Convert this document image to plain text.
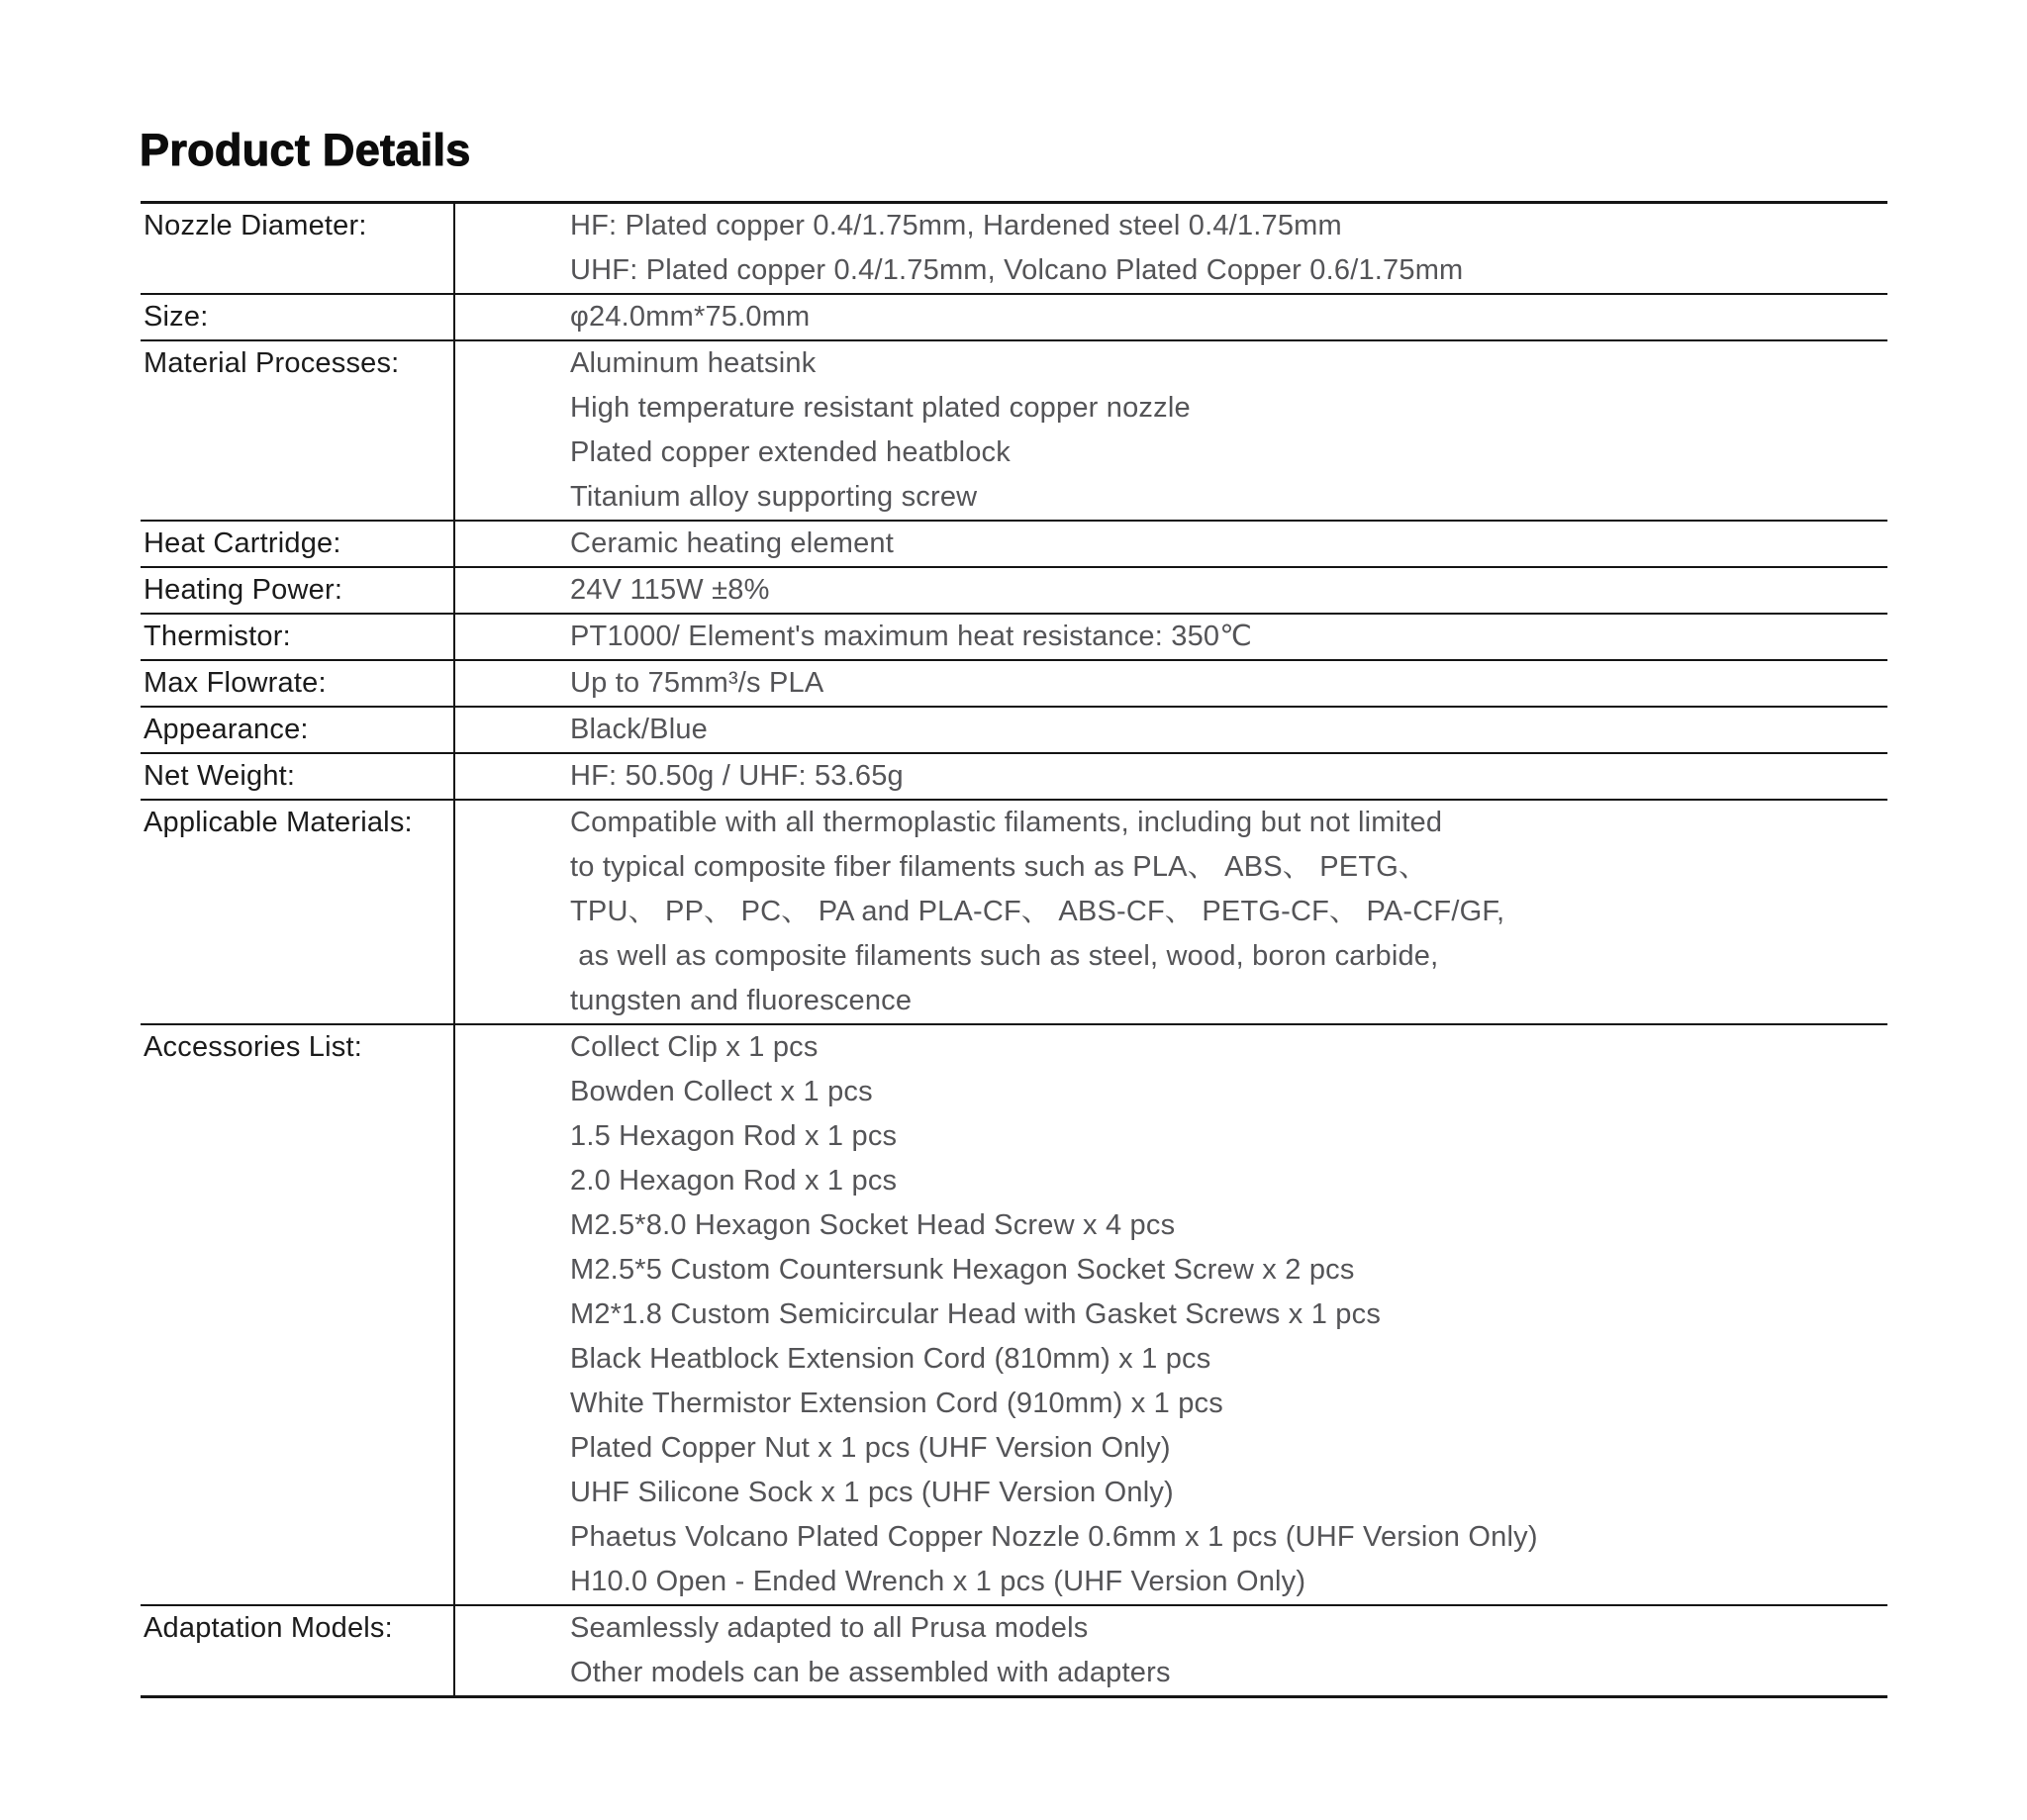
Product Details
Nozzle Diameter:	HF: Plated copper 0.4/1.75mm, Hardened steel 0.4/1.75mm
UHF: Plated copper 0.4/1.75mm, Volcano Plated Copper 0.6/1.75mm

Size:	φ24.0mm*75.0mm

Material Processes:	Aluminum heatsink
High temperature resistant plated copper nozzle
Plated copper extended heatblock
Titanium alloy supporting screw

Heat Cartridge:	Ceramic heating element

Heating Power:	24V 115W ±8%

Thermistor:	PT1000/ Element's maximum heat resistance: 350℃

Max Flowrate:	Up to 75mm³/s PLA

Appearance:	Black/Blue

Net Weight:	HF: 50.50g / UHF: 53.65g

Applicable Materials:	Compatible with all thermoplastic filaments, including but not limited
to typical composite fiber filaments such as PLA、 ABS、 PETG、
TPU、 PP、 PC、 PA and PLA-CF、 ABS-CF、 PETG-CF、 PA-CF/GF,
as well as composite filaments such as steel, wood, boron carbide,
tungsten and fluorescence

Accessories List:	Collect Clip x 1 pcs
Bowden Collect x 1 pcs
1.5 Hexagon Rod x 1 pcs
2.0 Hexagon Rod x 1 pcs
M2.5*8.0 Hexagon Socket Head Screw x 4 pcs
M2.5*5 Custom Countersunk Hexagon Socket Screw x 2 pcs
M2*1.8 Custom Semicircular Head with Gasket Screws x 1 pcs
Black Heatblock Extension Cord (810mm) x 1 pcs
White Thermistor Extension Cord (910mm) x 1 pcs
Plated Copper Nut x 1 pcs (UHF Version Only)
UHF Silicone Sock x 1 pcs (UHF Version Only)
Phaetus Volcano Plated Copper Nozzle 0.6mm x 1 pcs (UHF Version Only)
H10.0 Open - Ended Wrench x 1 pcs (UHF Version Only)

Adaptation Models:	Seamlessly adapted to all Prusa models
Other models can be assembled with adapters
